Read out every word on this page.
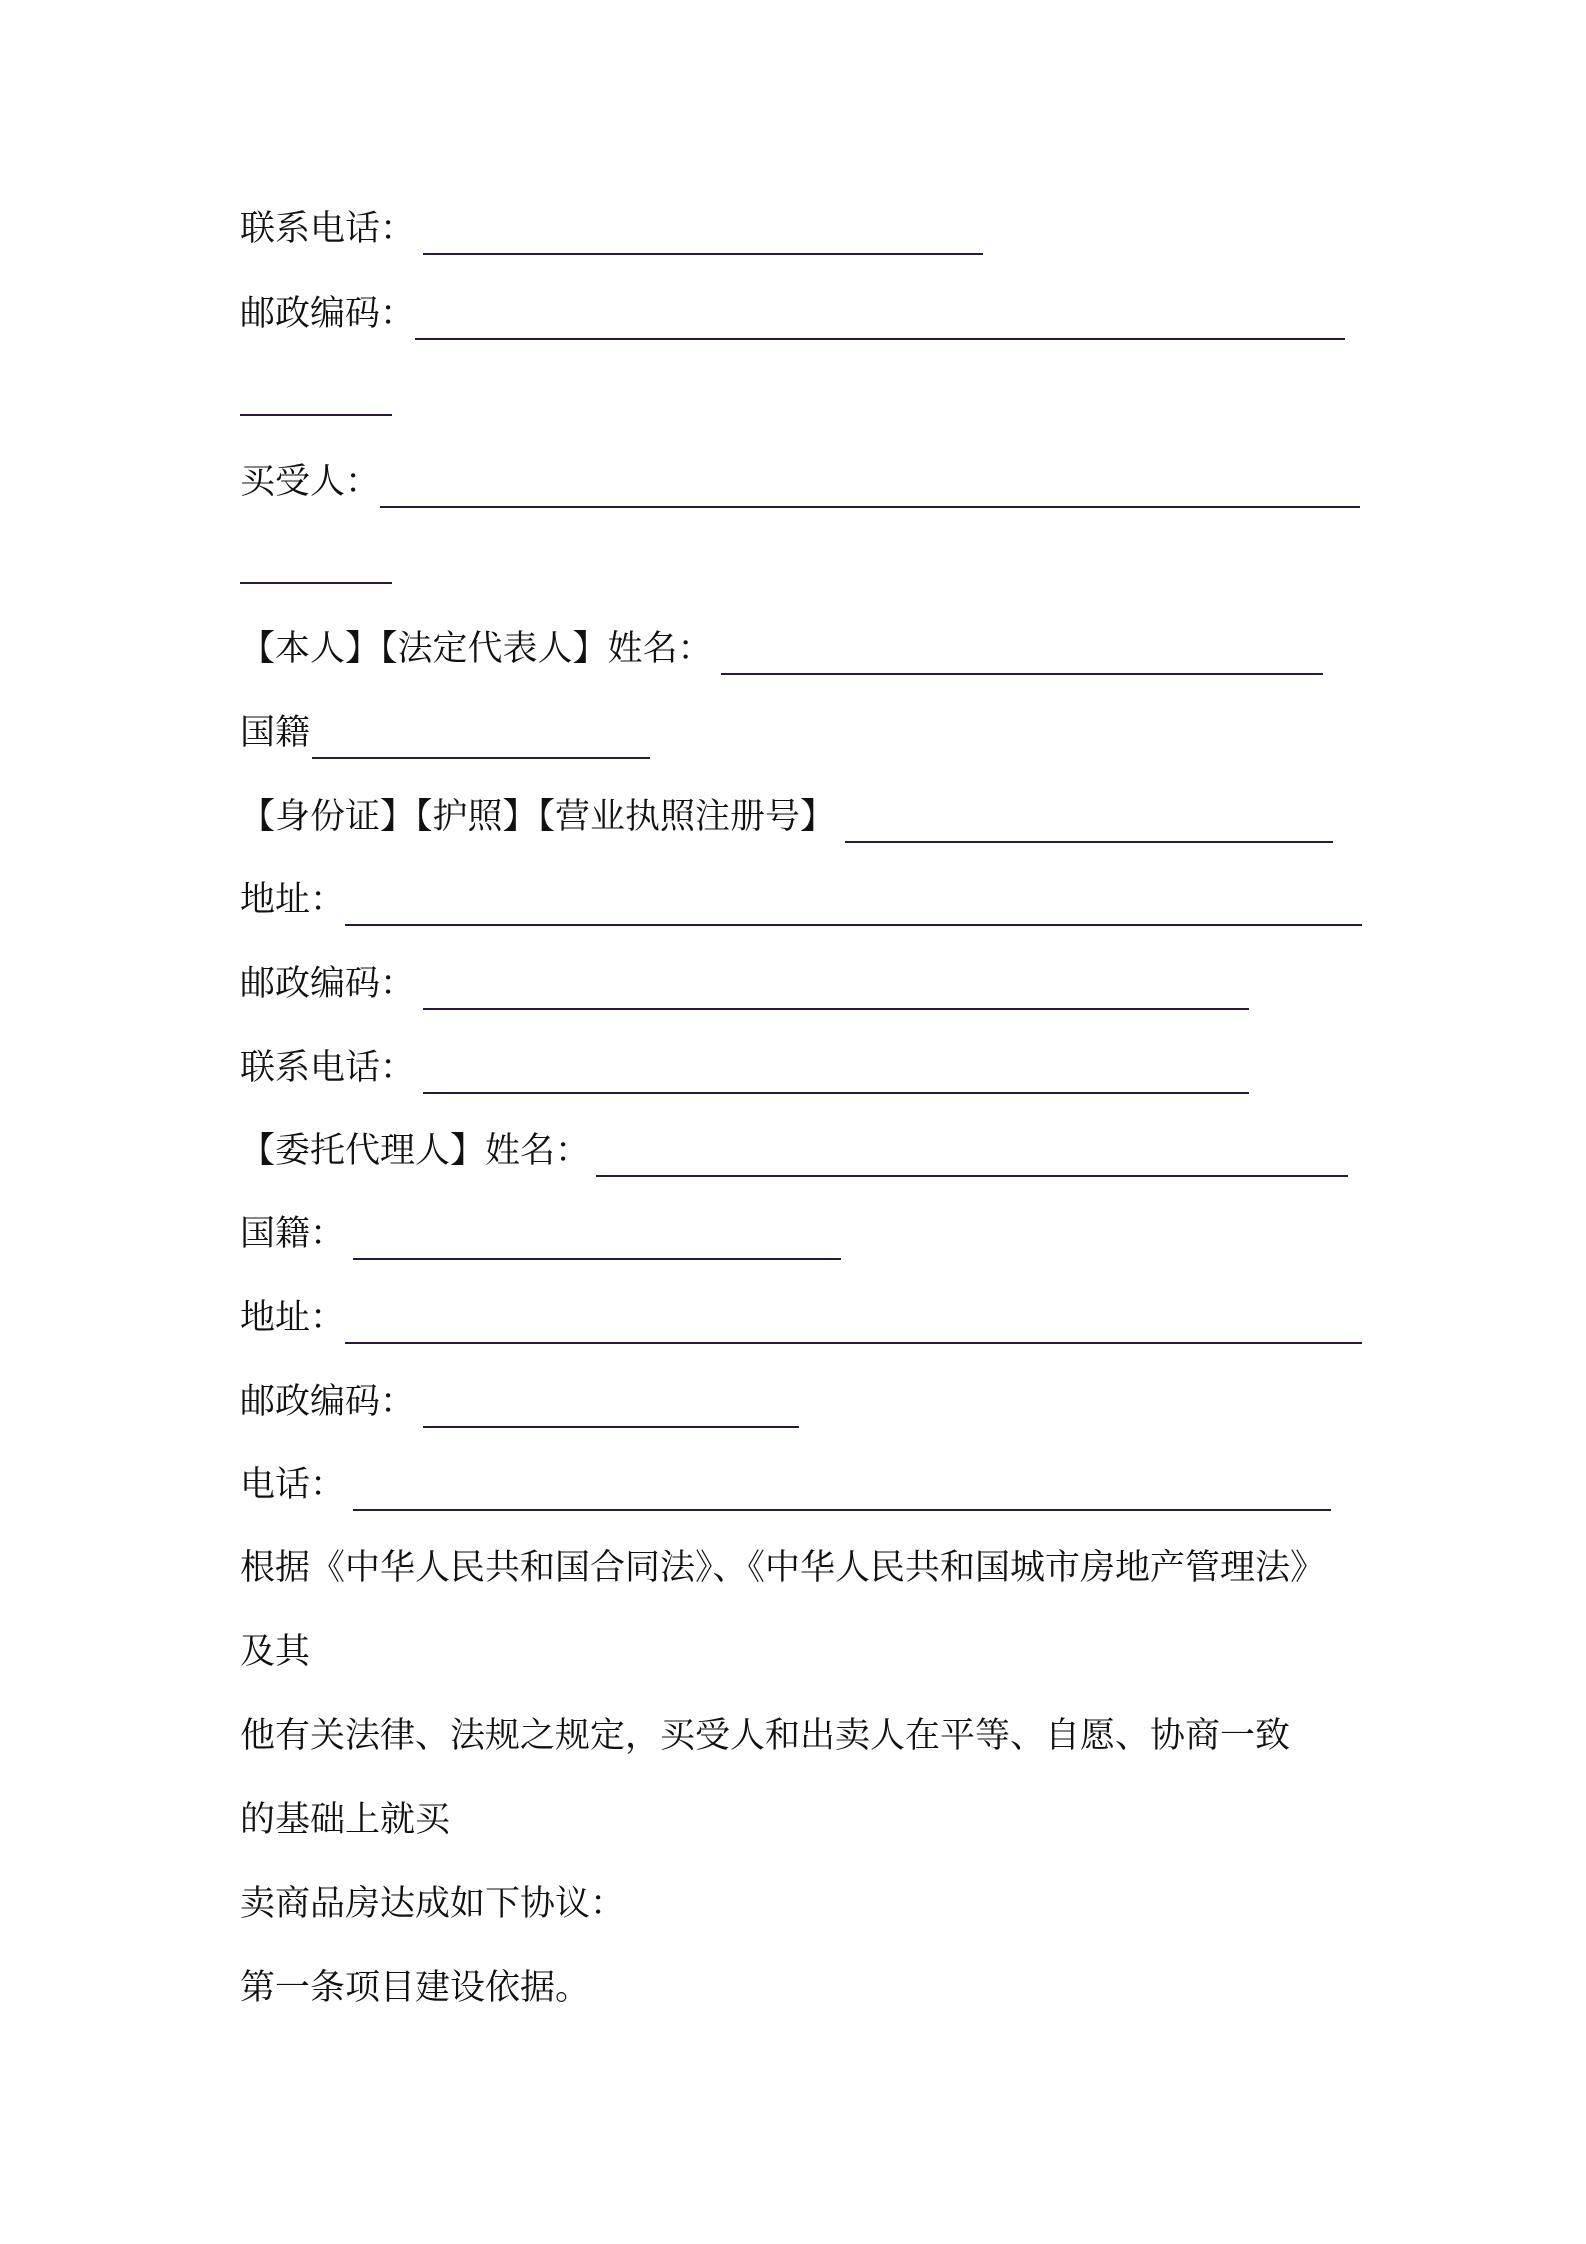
联系电话：
邮政编码：
买受人：
【本人】【法定代表人】姓名：
国籍
【身份证】【护照】【营业执照注册号】
地址：
邮政编码：
联系电话：
【委托代理人】姓名：
国籍：
地址：
邮政编码：
电话：
根据《中华人民共和国合同法》、《中华人民共和国城市房地产管理法》
及其
他有关法律、法规之规定，买受人和出卖人在平等、自愿、协商一致
的基础上就买
卖商品房达成如下协议：
第一条项目建设依据。
